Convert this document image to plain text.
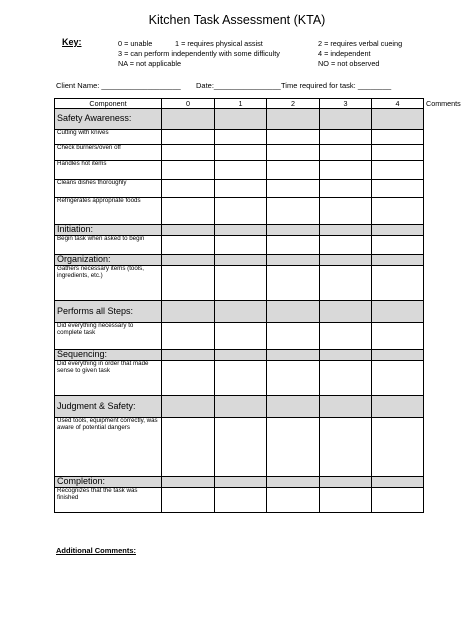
Kitchen Task Assessment (KTA)
Key:	0 = unable	1 = requires physical assist	2 = requires verbal cueing
3 = can perform independently with some difficulty	4 = independent
NA = not applicable	NO = not observed
Client Name: ___________________ Date:________________ Time required for task: ________
Component	0	1	2	3	4	Comments
Safety Awareness:						
Cutting with knives						
Check burners/oven off						
Handles hot items						
Cleans dishes thoroughly						
Refrigerates appropriate foods						
Initiation:						
Begin task when asked to begin						
Organization:						
Gathers necessary items (tools, ingredients, etc.)						
Performs all Steps:						
Did everything necessary to complete task						
Sequencing:						
Did everything in order that made sense to given task						
Judgment & Safety:						
Used tools, equipment correctly, was aware of potential dangers						
Completion:						
Recognizes that the task was finished						
Additional Comments:
